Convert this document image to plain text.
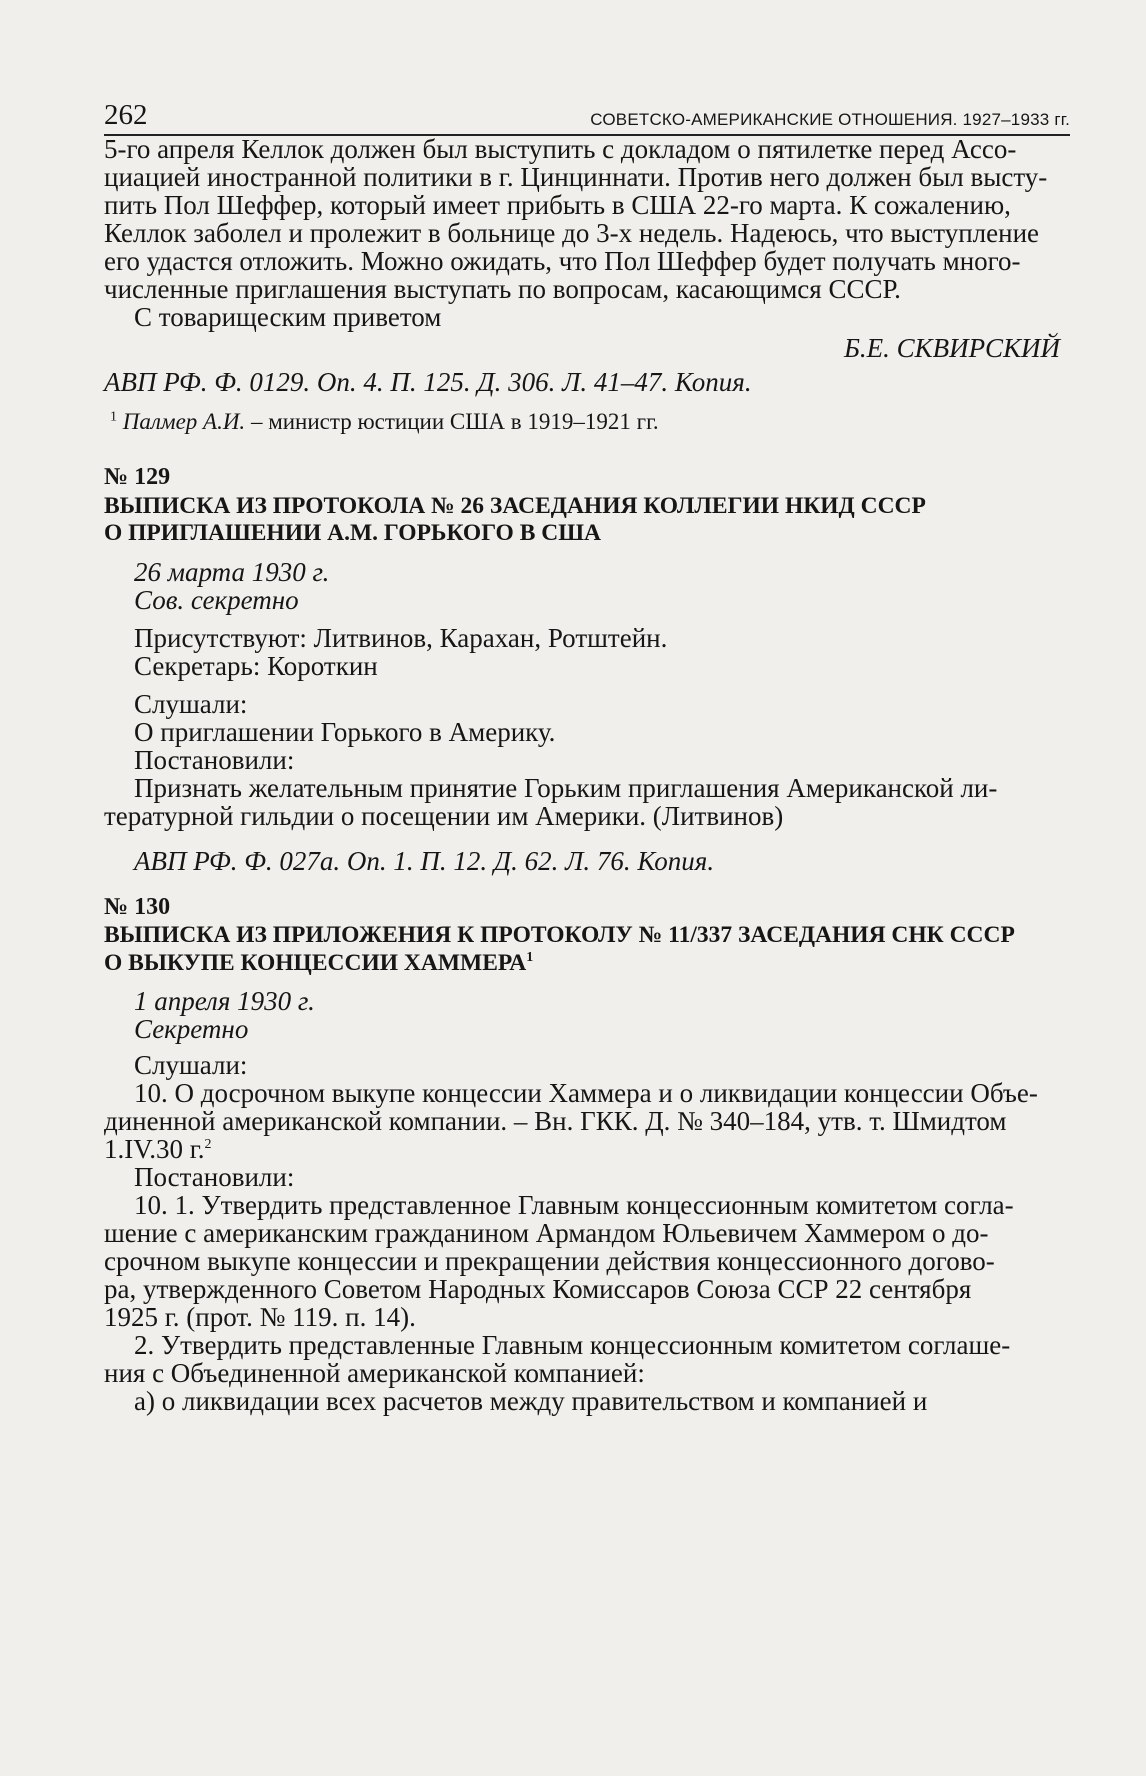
262	СОВЕТСКО-АМЕРИКАНСКИЕ ОТНОШЕНИЯ. 1927–1933 гг.
5-го апреля Келлок должен был выступить с докладом о пятилетке перед Ассо-
циацией иностранной политики в г. Цинциннати. Против него должен был высту-
пить Пол Шеффер, который имеет прибыть в США 22-го марта. К сожалению,
Келлок заболел и пролежит в больнице до 3-х недель. Надеюсь, что выступление
его удастся отложить. Можно ожидать, что Пол Шеффер будет получать много-
численные приглашения выступать по вопросам, касающимся СССР.
С товарищеским приветом
Б.Е. СКВИРСКИЙ
АВП РФ. Ф. 0129. Оп. 4. П. 125. Д. 306. Л. 41–47. Копия.
$^1$ Палмер А.И. – министр юстиции США в 1919–1921 гг.
№ 129
ВЫПИСКА ИЗ ПРОТОКОЛА № 26 ЗАСЕДАНИЯ КОЛЛЕГИИ НКИД СССР
О ПРИГЛАШЕНИИ А.М. ГОРЬКОГО В США
26 марта 1930 г.
Сов. секретно
Присутствуют: Литвинов, Карахан, Ротштейн.
Секретарь: Короткин
Слушали:
О приглашении Горького в Америку.
Постановили:
Признать желательным принятие Горьким приглашения Американской ли-
тературной гильдии о посещении им Америки. (Литвинов)
АВП РФ. Ф. 027а. Оп. 1. П. 12. Д. 62. Л. 76. Копия.
№ 130
ВЫПИСКА ИЗ ПРИЛОЖЕНИЯ К ПРОТОКОЛУ № 11/337 ЗАСЕДАНИЯ СНК СССР
О ВЫКУПЕ КОНЦЕССИИ ХАММЕРА$^1$
1 апреля 1930 г.
Секретно
Слушали:
10. О досрочном выкупе концессии Хаммера и о ликвидации концессии Объе-
диненной американской компании. – Вн. ГКК. Д. № 340–184, утв. т. Шмидтом
1.IV.30 г.$^2$
Постановили:
10. 1. Утвердить представленное Главным концессионным комитетом согла-
шение с американским гражданином Армандом Юльевичем Хаммером о до-
срочном выкупе концессии и прекращении действия концессионного догово-
ра, утвержденного Советом Народных Комиссаров Союза ССР 22 сентября
1925 г. (прот. № 119. п. 14).
2. Утвердить представленные Главным концессионным комитетом соглаше-
ния с Объединенной американской компанией:
а) о ликвидации всех расчетов между правительством и компанией и
